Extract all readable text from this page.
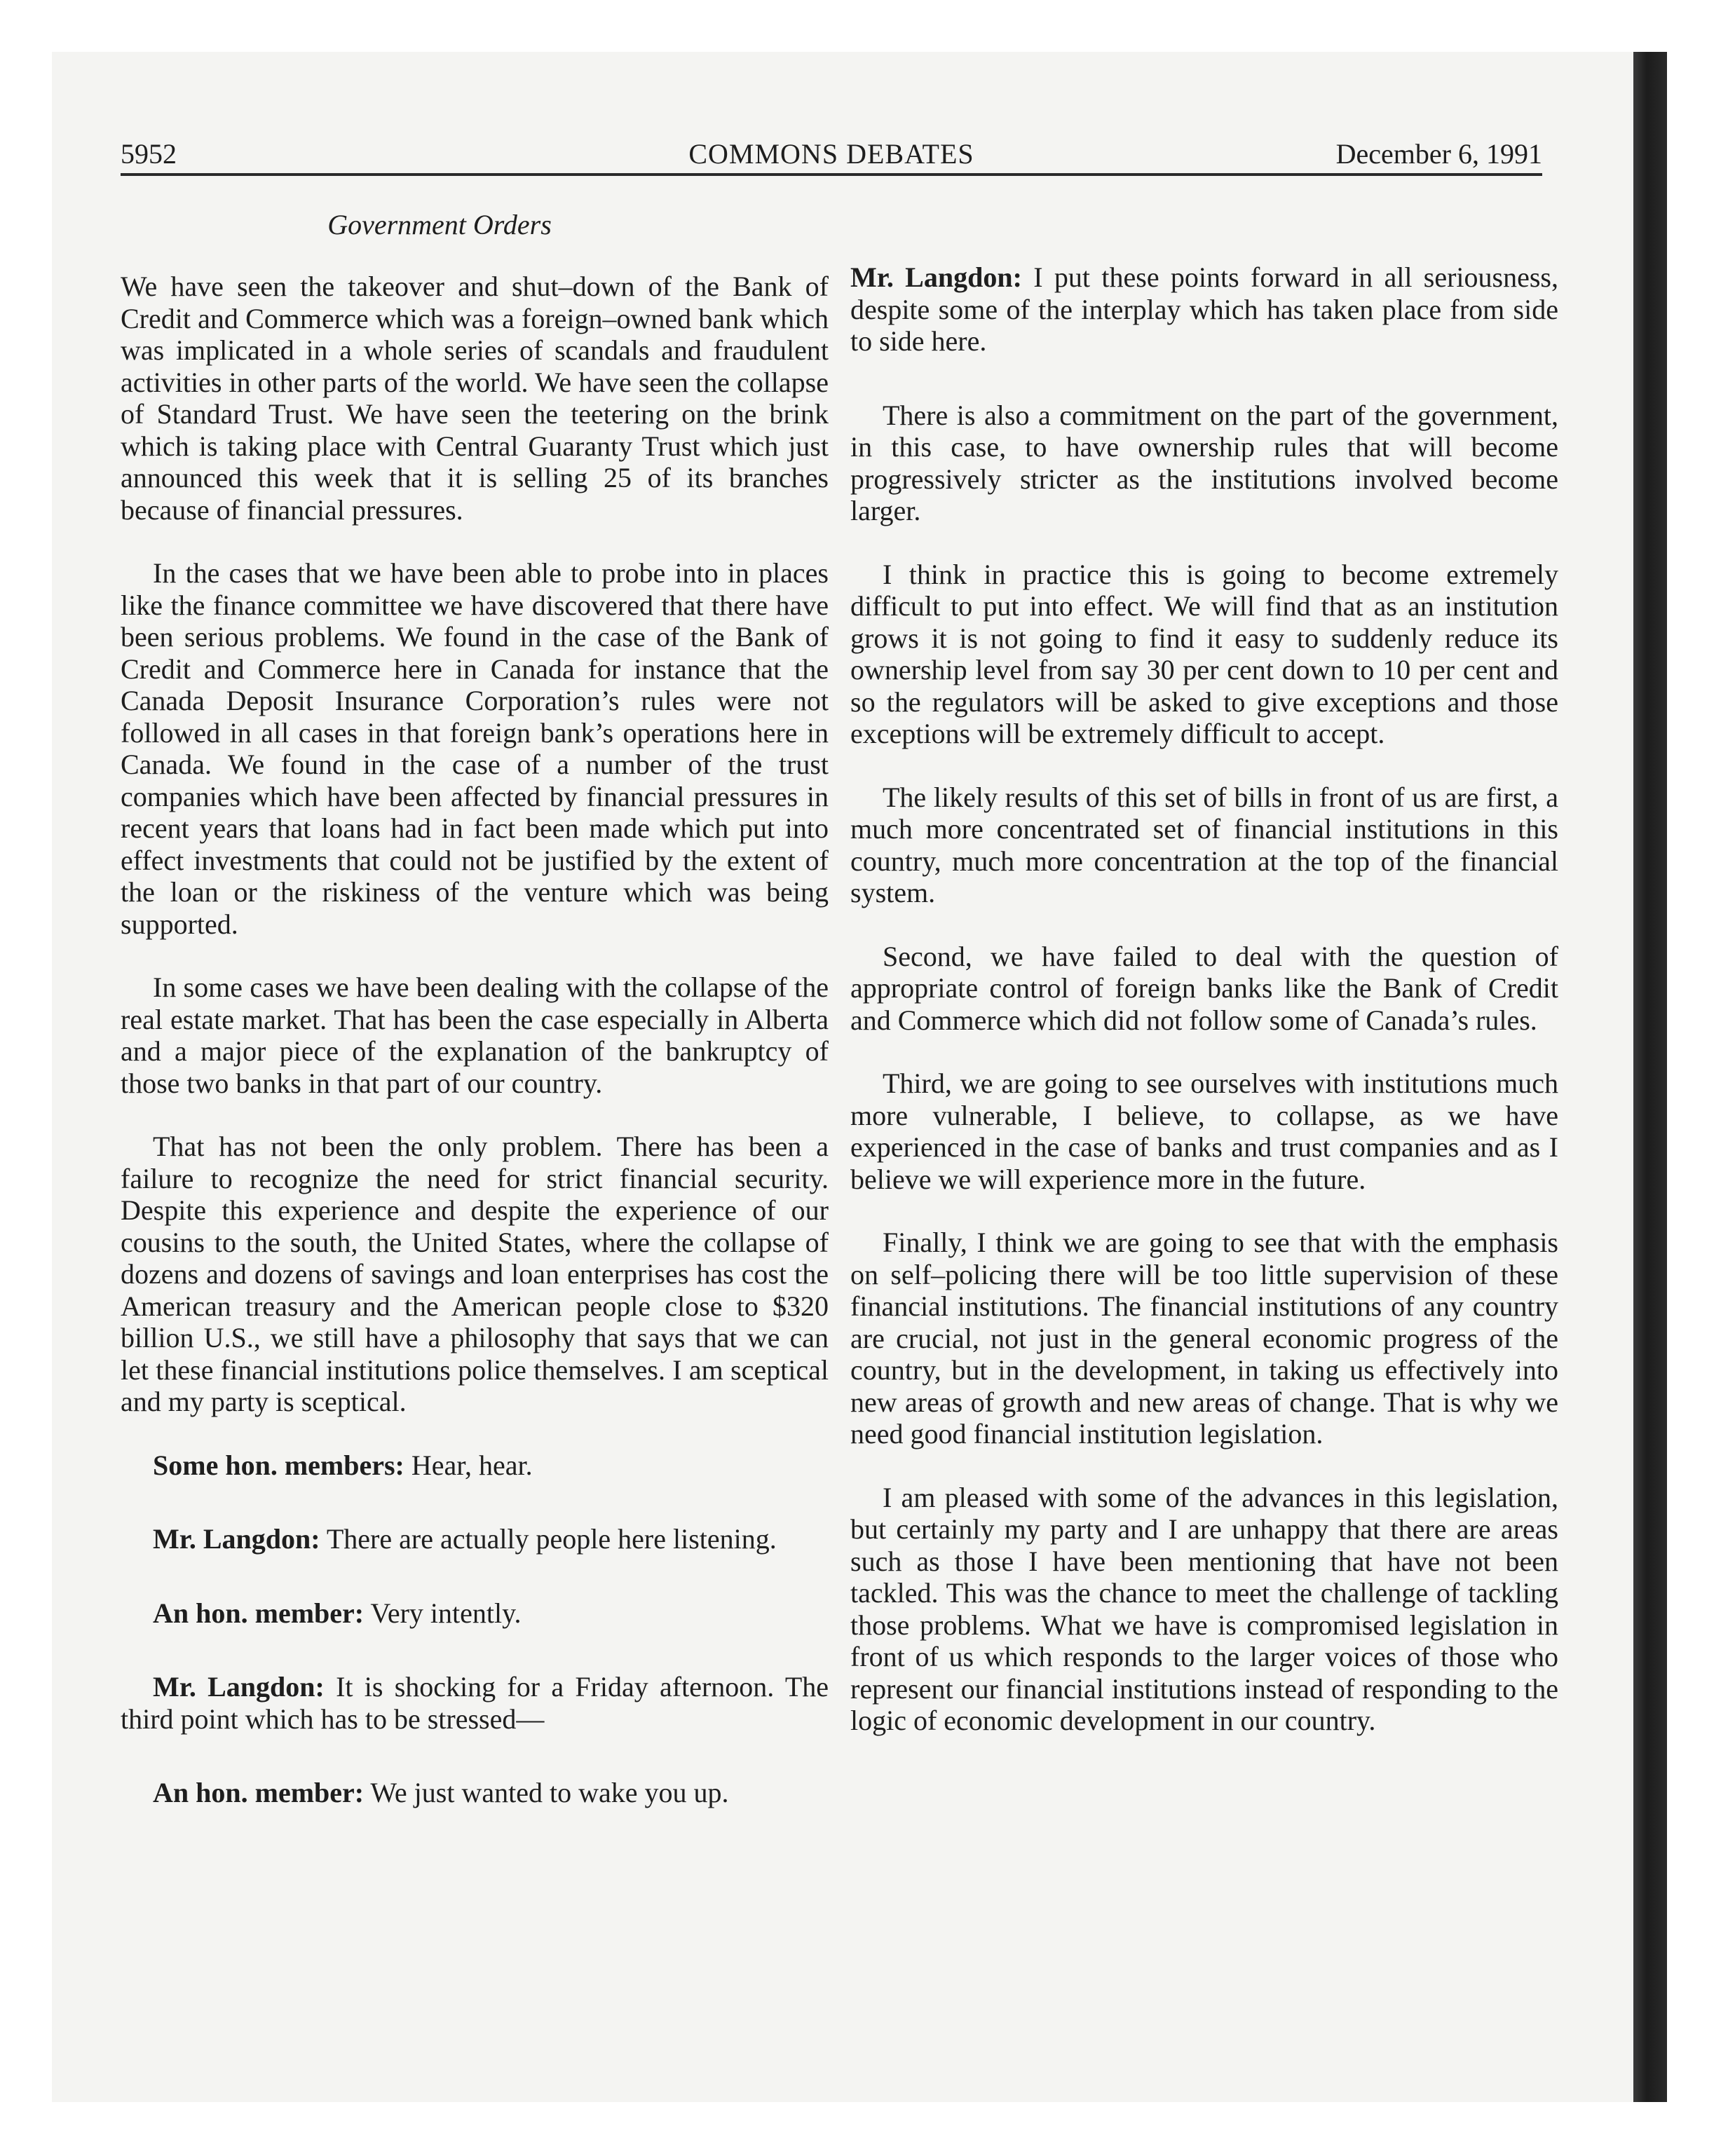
5952	COMMONS DEBATES	December 6, 1991
Government Orders

We have seen the takeover and shut–down of the Bank of Credit and Commerce which was a foreign–owned bank which was implicated in a whole series of scandals and fraudulent activities in other parts of the world. We have seen the collapse of Standard Trust. We have seen the teetering on the brink which is taking place with Central Guaranty Trust which just announced this week that it is selling 25 of its branches because of financial pressures.

In the cases that we have been able to probe into in places like the finance committee we have discovered that there have been serious problems. We found in the case of the Bank of Credit and Commerce here in Canada for instance that the Canada Deposit Insurance Corporation’s rules were not followed in all cases in that foreign bank’s operations here in Canada. We found in the case of a number of the trust companies which have been affected by financial pressures in recent years that loans had in fact been made which put into effect investments that could not be justified by the extent of the loan or the riskiness of the venture which was being supported.

In some cases we have been dealing with the collapse of the real estate market. That has been the case especially in Alberta and a major piece of the explanation of the bankruptcy of those two banks in that part of our country.

That has not been the only problem. There has been a failure to recognize the need for strict financial security. Despite this experience and despite the experience of our cousins to the south, the United States, where the collapse of dozens and dozens of savings and loan enterprises has cost the American treasury and the American people close to $320 billion U.S., we still have a philosophy that says that we can let these financial institutions police themselves. I am sceptical and my party is sceptical.

Some hon. members: Hear, hear.

Mr. Langdon: There are actually people here listening.

An hon. member: Very intently.

Mr. Langdon: It is shocking for a Friday afternoon. The third point which has to be stressed—

An hon. member: We just wanted to wake you up.

Mr. Langdon: I put these points forward in all seriousness, despite some of the interplay which has taken place from side to side here.

There is also a commitment on the part of the government, in this case, to have ownership rules that will become progressively stricter as the institutions involved become larger.

I think in practice this is going to become extremely difficult to put into effect. We will find that as an institution grows it is not going to find it easy to suddenly reduce its ownership level from say 30 per cent down to 10 per cent and so the regulators will be asked to give exceptions and those exceptions will be extremely difficult to accept.

The likely results of this set of bills in front of us are first, a much more concentrated set of financial institutions in this country, much more concentration at the top of the financial system.

Second, we have failed to deal with the question of appropriate control of foreign banks like the Bank of Credit and Commerce which did not follow some of Canada’s rules.

Third, we are going to see ourselves with institutions much more vulnerable, I believe, to collapse, as we have experienced in the case of banks and trust companies and as I believe we will experience more in the future.

Finally, I think we are going to see that with the emphasis on self–policing there will be too little supervision of these financial institutions. The financial institutions of any country are crucial, not just in the general economic progress of the country, but in the development, in taking us effectively into new areas of growth and new areas of change. That is why we need good financial institution legislation.

I am pleased with some of the advances in this legislation, but certainly my party and I are unhappy that there are areas such as those I have been mentioning that have not been tackled. This was the chance to meet the challenge of tackling those problems. What we have is compromised legislation in front of us which responds to the larger voices of those who represent our financial institutions instead of responding to the logic of economic development in our country.
